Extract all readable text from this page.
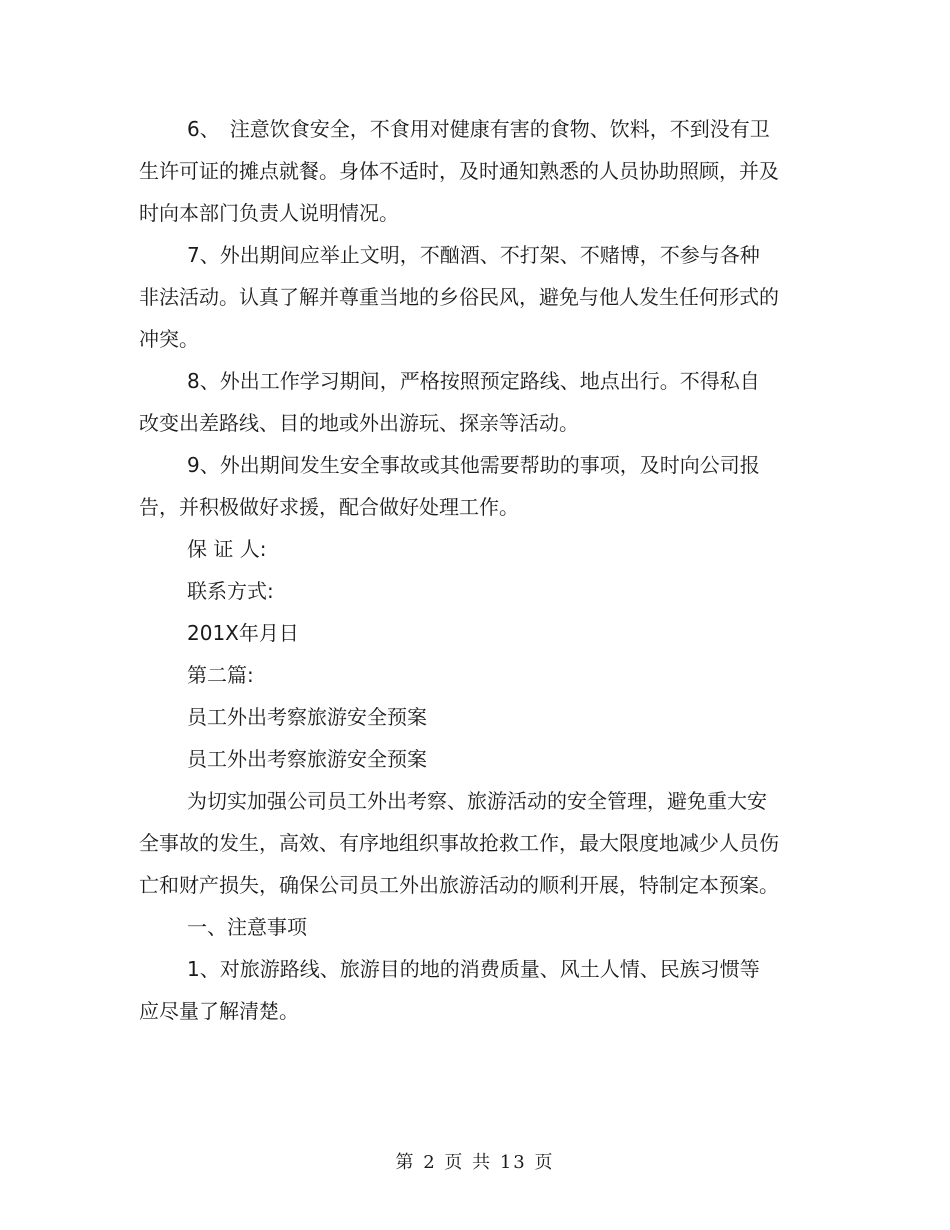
6、　注意饮食安全，不食用对健康有害的食物、饮料，不到没有卫生许可证的摊点就餐。身体不适时，及时通知熟悉的人员协助照顾，并及时向本部门负责人说明情况。

7、外出期间应举止文明，不酗酒、不打架、不赌博，不参与各种非法活动。认真了解并尊重当地的乡俗民风，避免与他人发生任何形式的冲突。

8、外出工作学习期间，严格按照预定路线、地点出行。不得私自改变出差路线、目的地或外出游玩、探亲等活动。

9、外出期间发生安全事故或其他需要帮助的事项，及时向公司报告，并积极做好求援，配合做好处理工作。

保 证 人:

联系方式:

201X年月日

第二篇:

员工外出考察旅游安全预案

员工外出考察旅游安全预案

为切实加强公司员工外出考察、旅游活动的安全管理，避免重大安全事故的发生，高效、有序地组织事故抢救工作，最大限度地减少人员伤亡和财产损失，确保公司员工外出旅游活动的顺利开展，特制定本预案。

一、注意事项

1、对旅游路线、旅游目的地的消费质量、风土人情、民族习惯等应尽量了解清楚。

第 2 页 共 13 页
